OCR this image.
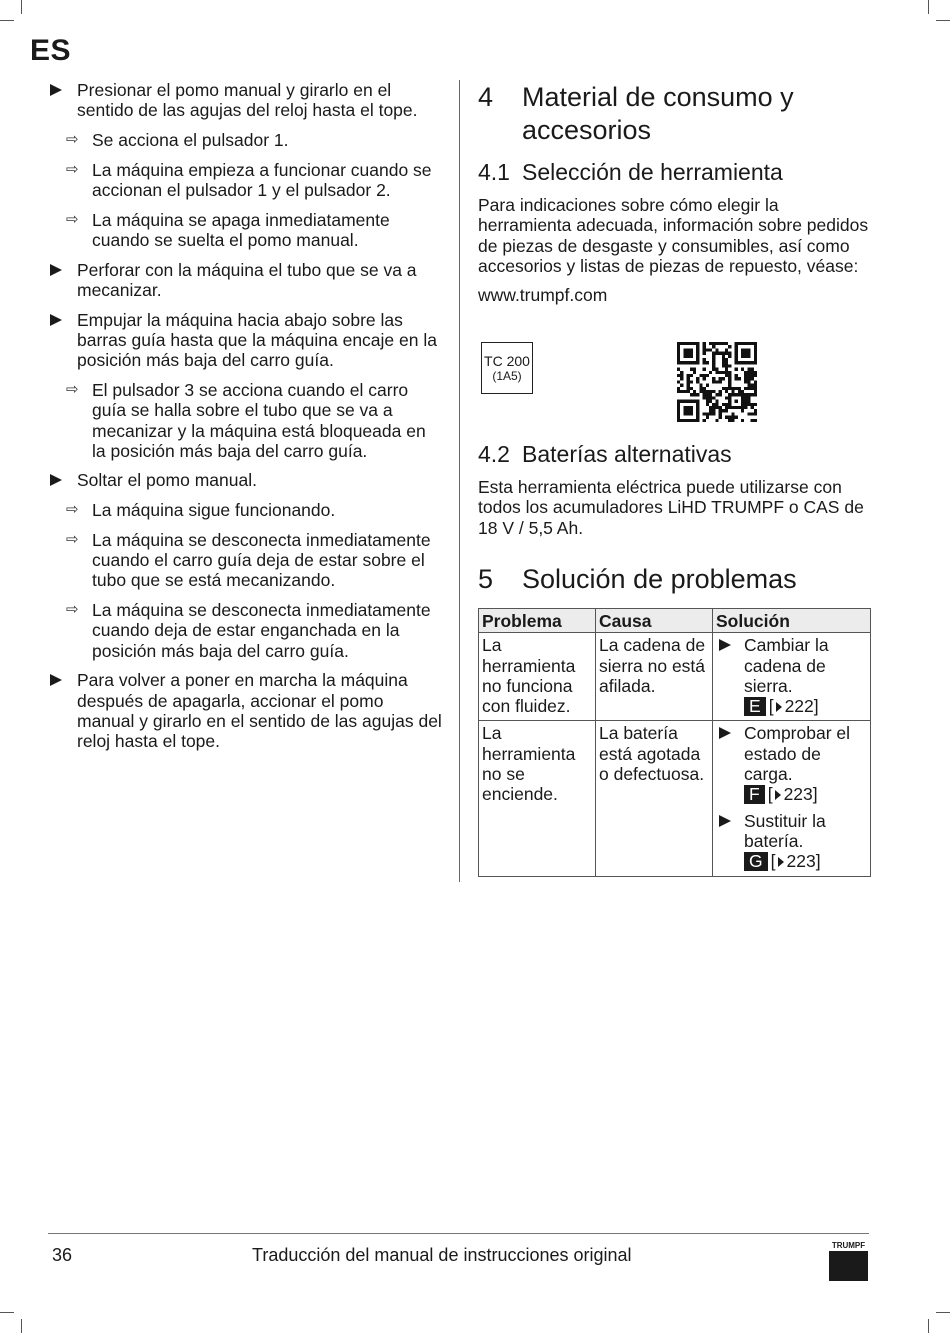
ES
Presionar el pomo manual y girarlo en el sentido de las agujas del reloj hasta el tope.
⇨ Se acciona el pulsador 1.
⇨ La máquina empieza a funcionar cuando se accionan el pulsador 1 y el pulsador 2.
⇨ La máquina se apaga inmediatamente cuando se suelta el pomo manual.
Perforar con la máquina el tubo que se va a mecanizar.
Empujar la máquina hacia abajo sobre las barras guía hasta que la máquina encaje en la posición más baja del carro guía.
⇨ El pulsador 3 se acciona cuando el carro guía se halla sobre el tubo que se va a mecanizar y la máquina está bloqueada en la posición más baja del carro guía.
Soltar el pomo manual.
⇨ La máquina sigue funcionando.
⇨ La máquina se desconecta inmediatamente cuando el carro guía deja de estar sobre el tubo que se está mecanizando.
⇨ La máquina se desconecta inmediatamente cuando deja de estar enganchada en la posición más baja del carro guía.
Para volver a poner en marcha la máquina después de apagarla, accionar el pomo manual y girarlo en el sentido de las agujas del reloj hasta el tope.
4 Material de consumo y accesorios
4.1 Selección de herramienta

Para indicaciones sobre cómo elegir la herramienta adecuada, información sobre pedidos de piezas de desgaste y consumibles, así como accesorios y listas de piezas de repuesto, véase:

www.trumpf.com

TC 200
(1A5)
4.2 Baterías alternativas

Esta herramienta eléctrica puede utilizarse con todos los acumuladores LiHD TRUMPF o CAS de 18 V / 5,5 Ah.

5 Solución de problemas
Problema	Causa	Solución
La herramienta no funciona con fluidez.	La cadena de sierra no está afilada.	Cambiar la cadena de sierra.
E [ 222]

La herramienta no se enciende.	La batería está agotada o defectuosa.	Comprobar el estado de carga.
F [ 223]
Sustituir la batería.
G [ 223]
36	Traducción del manual de instrucciones original	TRUMPF
